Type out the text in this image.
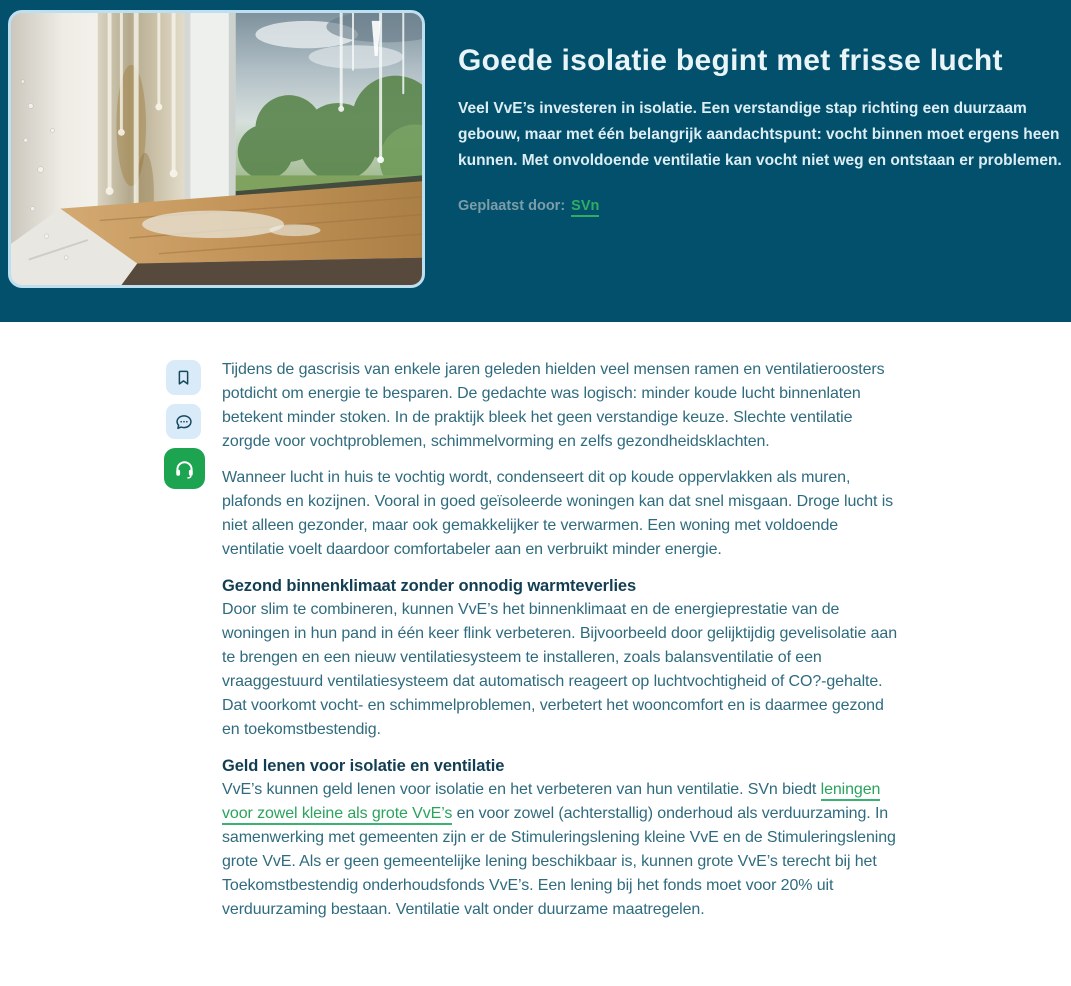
Goede isolatie begint met frisse lucht

Veel VvE’s investeren in isolatie. Een verstandige stap richting een duurzaam gebouw, maar met één belangrijk aandachtspunt: vocht binnen moet ergens heen kunnen. Met onvoldoende ventilatie kan vocht niet weg en ontstaan er problemen.

Geplaatst door: SVn

Tijdens de gascrisis van enkele jaren geleden hielden veel mensen ramen en ventilatieroosters potdicht om energie te besparen. De gedachte was logisch: minder koude lucht binnenlaten betekent minder stoken. In de praktijk bleek het geen verstandige keuze. Slechte ventilatie zorgde voor vochtproblemen, schimmelvorming en zelfs gezondheidsklachten.

Wanneer lucht in huis te vochtig wordt, condenseert dit op koude oppervlakken als muren, plafonds en kozijnen. Vooral in goed geïsoleerde woningen kan dat snel misgaan. Droge lucht is niet alleen gezonder, maar ook gemakkelijker te verwarmen. Een woning met voldoende ventilatie voelt daardoor comfortabeler aan en verbruikt minder energie.

Gezond binnenklimaat zonder onnodig warmteverlies

Door slim te combineren, kunnen VvE’s het binnenklimaat en de energieprestatie van de woningen in hun pand in één keer flink verbeteren. Bijvoorbeeld door gelijktijdig gevelisolatie aan te brengen en een nieuw ventilatiesysteem te installeren, zoals balansventilatie of een vraaggestuurd ventilatiesysteem dat automatisch reageert op luchtvochtigheid of CO?-gehalte. Dat voorkomt vocht- en schimmelproblemen, verbetert het wooncomfort en is daarmee gezond en toekomstbestendig.

Geld lenen voor isolatie en ventilatie

VvE’s kunnen geld lenen voor isolatie en het verbeteren van hun ventilatie. SVn biedt leningen voor zowel kleine als grote VvE’s en voor zowel (achterstallig) onderhoud als verduurzaming. In samenwerking met gemeenten zijn er de Stimuleringslening kleine VvE en de Stimuleringslening grote VvE. Als er geen gemeentelijke lening beschikbaar is, kunnen grote VvE’s terecht bij het Toekomstbestendig onderhoudsfonds VvE’s. Een lening bij het fonds moet voor 20% uit verduurzaming bestaan. Ventilatie valt onder duurzame maatregelen.
